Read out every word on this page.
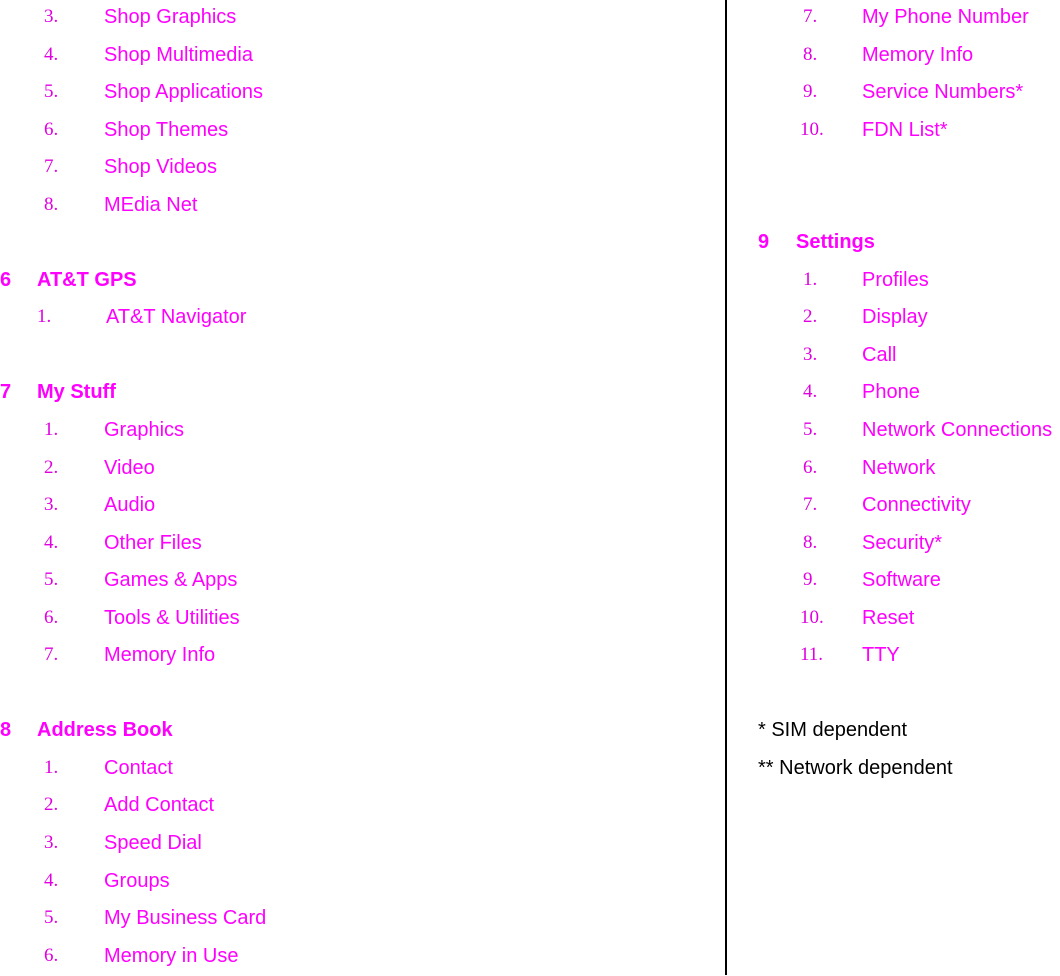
3. Shop Graphics
4. Shop Multimedia
5. Shop Applications
6. Shop Themes
7. Shop Videos
8. MEdia Net
6 AT&T GPS
1.	AT&T Navigator
7 My Stuff
1. Graphics
2. Video
3. Audio
4. Other Files
5. Games & Apps
6. Tools & Utilities
7. Memory Info
8 Address Book
1. Contact
2. Add Contact
3. Speed Dial
4. Groups
5. My Business Card
6. Memory in Use
7. My Phone Number
8. Memory Info
9. Service Numbers*
10. FDN List*
9 Settings
1. Profiles
2. Display
3. Call
4. Phone
5. Network Connections
6. Network
7. Connectivity
8. Security*
9. Software
10. Reset
11. TTY
* SIM dependent
** Network dependent
